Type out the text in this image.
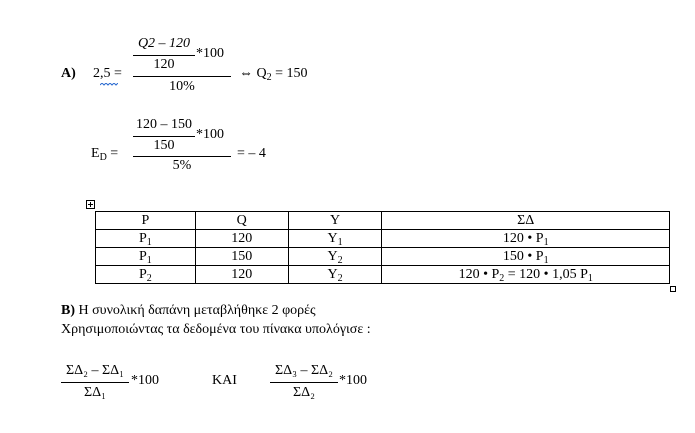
A) 2,5 =
Q2 – 120
120
*100
10%
⇔ $Q_2 = 150$
$E_D$ =
120 – 150
150
*100
5%
= – 4
P	Q	Y	ΣΔ
$P_1$	120	$Y_1$	120 • $P_1$
$P_1$	150	$Y_2$	150 • $P_1$
$P_2$	120	$Y_2$	120 • $P_2 = 120$ • 1,05 $P_1$
B) Η συνολική δαπάνη μεταβλήθηκε 2 φορές
Χρησιμοποιώντας τα δεδομένα του πίνακα υπολόγισε :
ΣΔ₂ – ΣΔ₁
ΣΔ₁
*100	ΚΑΙ
ΣΔ₃ – ΣΔ₂
ΣΔ₂
*100
